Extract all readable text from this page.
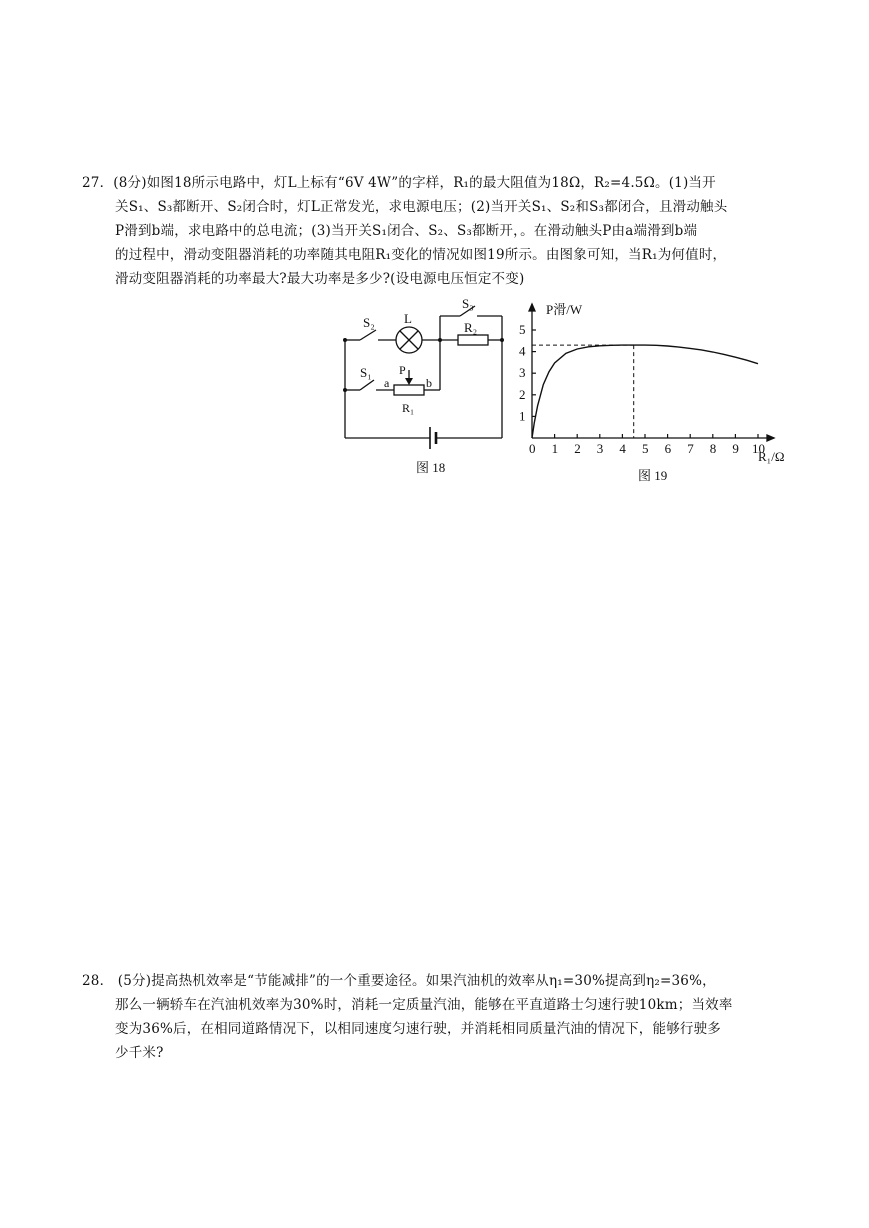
27．(8分)如图18所示电路中，灯L上标有“6V 4W”的字样，R₁的最大阻值为18Ω，R₂=4.5Ω。(1)当开
关S₁、S₃都断开、S₂闭合时，灯L正常发光，求电源电压；(2)当开关S₁、S₂和S₃都闭合，且滑动触头
P滑到b端，求电路中的总电流；(3)当开关S₁闭合、S₂、S₃都断开，。在滑动触头P由a端滑到b端
的过程中，滑动变阻器消耗的功率随其电阻R₁变化的情况如图19所示。由图象可知，当R₁为何值时，
滑动变阻器消耗的功率最大?最大功率是多少?(设电源电压恒定不变)
S₂ L
S₃
R₂
S₁ P
a	b
R₁
图 18
0 1 2 3 4 5 6 7 8 9 10
1
2
3
4
5
P滑/W
R₁/Ω
图 19
28． (5分)提高热机效率是“节能减排”的一个重要途径。如果汽油机的效率从η₁=30%提高到η₂=36%，
那么一辆轿车在汽油机效率为30%时，消耗一定质量汽油，能够在平直道路士匀速行驶10km；当效率
变为36%后，在相同道路情况下，以相同速度匀速行驶，并消耗相同质量汽油的情况下，能够行驶多
少千米?
